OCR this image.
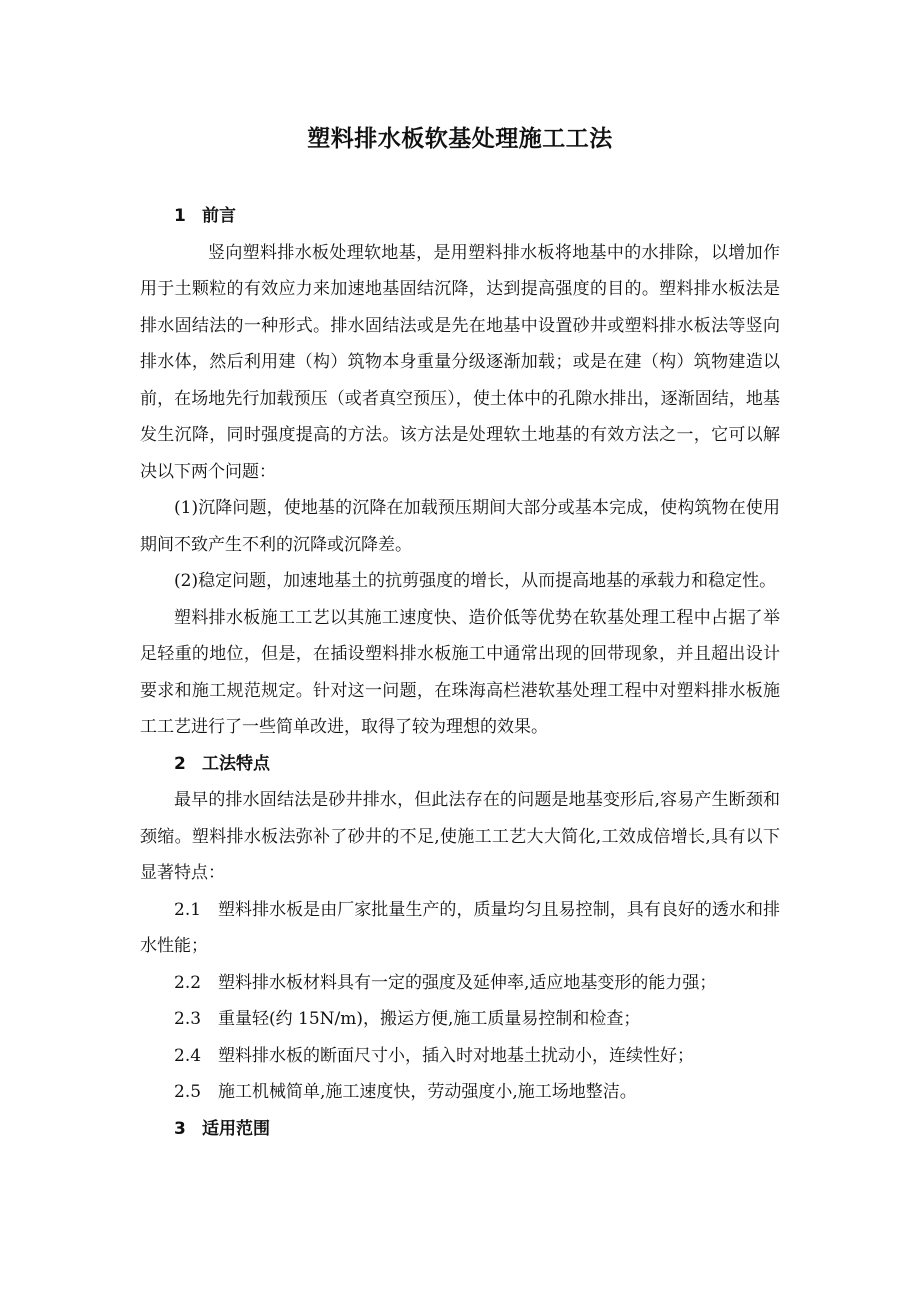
塑料排水板软基处理施工工法

1 前言

竖向塑料排水板处理软地基，是用塑料排水板将地基中的水排除，以增加作用于土颗粒的有效应力来加速地基固结沉降，达到提高强度的目的。塑料排水板法是排水固结法的一种形式。排水固结法或是先在地基中设置砂井或塑料排水板法等竖向排水体，然后利用建（构）筑物本身重量分级逐渐加载；或是在建（构）筑物建造以前，在场地先行加载预压（或者真空预压），使土体中的孔隙水排出，逐渐固结，地基发生沉降，同时强度提高的方法。该方法是处理软土地基的有效方法之一，它可以解决以下两个问题：

(1)沉降问题，使地基的沉降在加载预压期间大部分或基本完成，使构筑物在使用期间不致产生不利的沉降或沉降差。

(2)稳定问题，加速地基土的抗剪强度的增长，从而提高地基的承载力和稳定性。

塑料排水板施工工艺以其施工速度快、造价低等优势在软基处理工程中占据了举足轻重的地位，但是，在插设塑料排水板施工中通常出现的回带现象，并且超出设计要求和施工规范规定。针对这一问题，在珠海高栏港软基处理工程中对塑料排水板施工工艺进行了一些简单改进，取得了较为理想的效果。

2 工法特点

最早的排水固结法是砂井排水，但此法存在的问题是地基变形后,容易产生断颈和颈缩。塑料排水板法弥补了砂井的不足,使施工工艺大大简化,工效成倍增长,具有以下显著特点：

2.1 塑料排水板是由厂家批量生产的，质量均匀且易控制，具有良好的透水和排水性能；

2.2 塑料排水板材料具有一定的强度及延伸率,适应地基变形的能力强；

2.3 重量轻(约 15N/m)，搬运方便,施工质量易控制和检查；

2.4 塑料排水板的断面尺寸小，插入时对地基土扰动小，连续性好；

2.5 施工机械简单,施工速度快，劳动强度小,施工场地整洁。

3 适用范围
